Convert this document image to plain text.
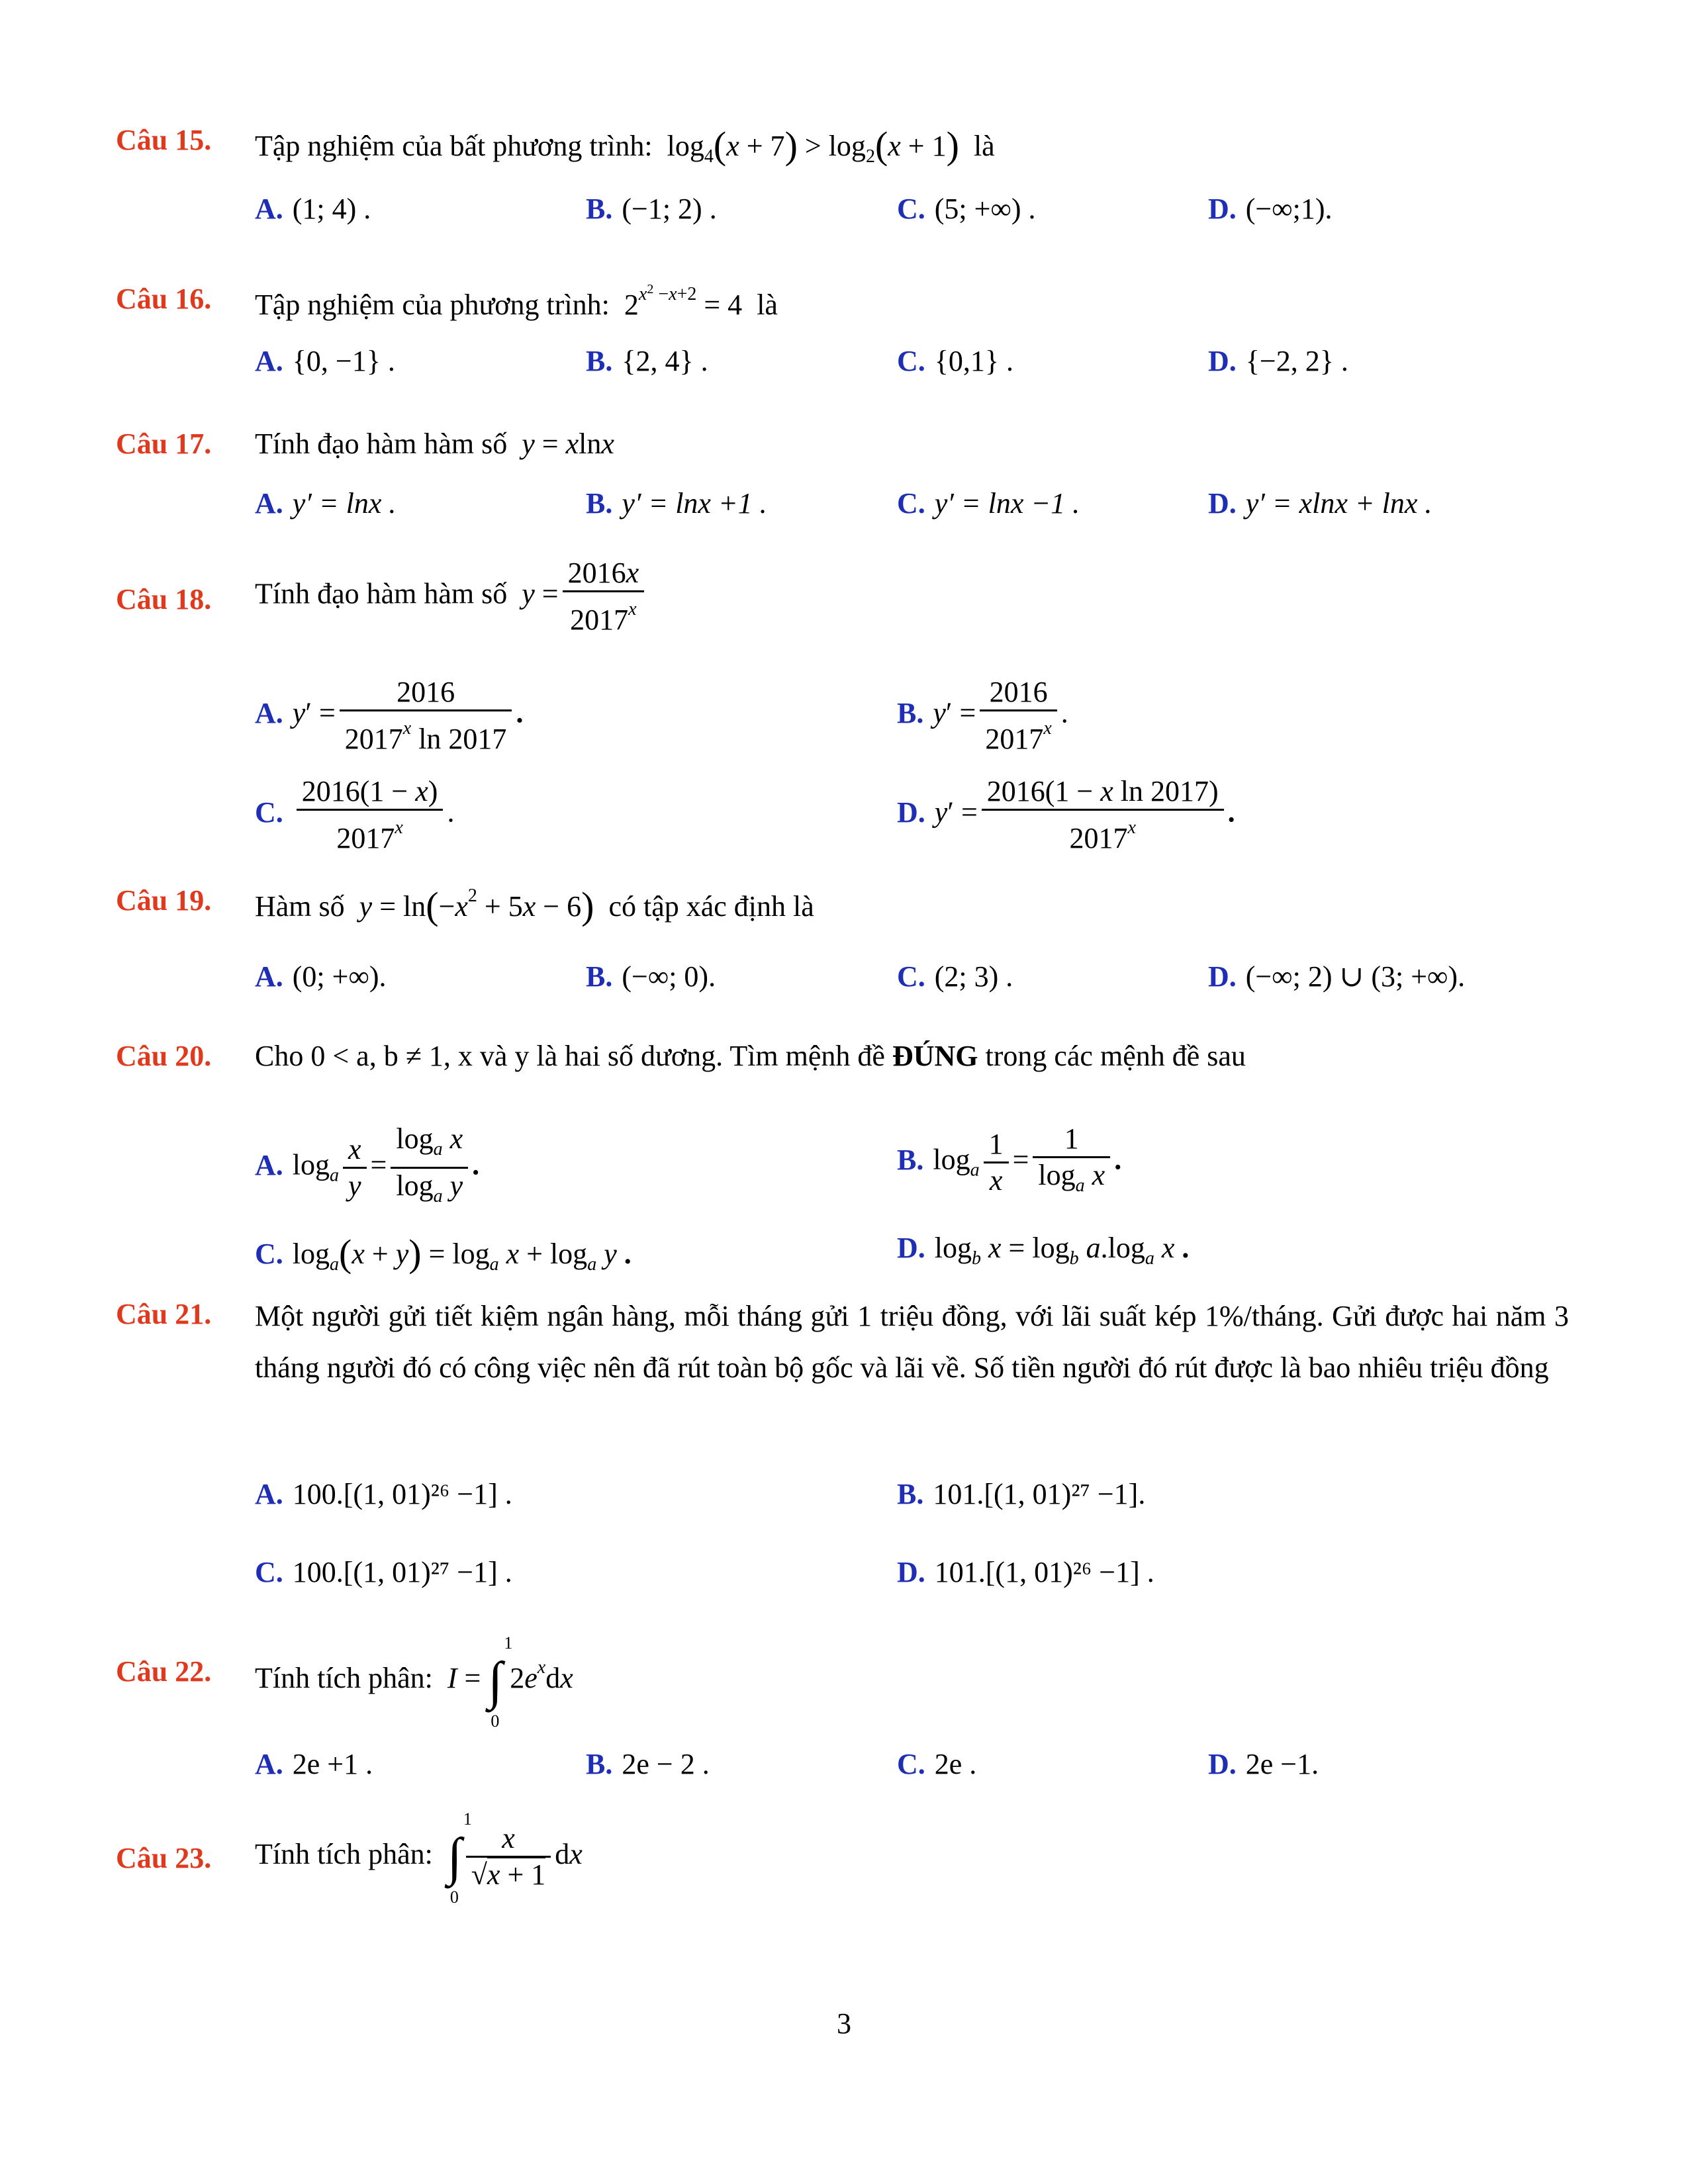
Câu 15. Tập nghiệm của bất phương trình:  $\log_4(x + 7) > \log_2(x + 1)$ là
A. (1; 4) .	B. (−1; 2) .	C. (5; +∞) .	D. (−∞;1).
Câu 16. Tập nghiệm của phương trình:  $2^{x^2 -x+2} = 4$  là
A. {0, −1} .	B. {2, 4} .	C. {0,1} .	D. {−2, 2} .
Câu 17. Tính đạo hàm hàm số y = xlnx
A. y′ = lnx .	B. y′ = lnx +1 .	C. y′ = lnx −1 .	D. y′ = xlnx + lnx .
Câu 18. Tính đạo hàm hàm số $y = \frac{2016x}{2017^x}$
A. $y' = \frac{2016}{2017^x \ln 2017}$ .	B. $y' = \frac{2016}{2017^x}$ .
C. $\frac{2016(1 - x)}{2017^x}$ .	D. $y' = \frac{\text{2016(1 − x ln 2017)}}{2017^x}$ .
Câu 19. Hàm số $y = \ln(-x^2 + 5x - 6)$ có tập xác định là
A. (0; +∞).	B. (−∞; 0).	C. (2; 3) .	D. (−∞; 2) ∪ (3; +∞).
Câu 20. Cho 0 < a, b ≠ 1, x và y là hai số dương. Tìm mệnh đề ĐÚNG trong các mệnh đề sau
A. $\log_a \frac{x}{y} = \frac{\log_a x}{\log_a y}$ .	B. $\log_a \frac{1}{x} = \frac{1}{\log_a x}$ .
C. $\log_a(x + y) = \log_a x + \log_a y$ .	D. $\log_b x = \log_b a.\log_a$ x .
Câu 21. Một người gửi tiết kiệm ngân hàng, mỗi tháng gửi 1 triệu đồng, với lãi suất kép 1%/tháng. Gửi được hai năm 3 tháng người đó có công việc nên đã rút toàn bộ gốc và lãi về. Số tiền người đó rút được là bao nhiêu triệu đồng
A. 100.[(1, 01)²⁶ −1] .	B. 101.[(1, 01)²⁷ −1].
C. 100.[(1, 01)²⁷ −1] .	D. 101.[(1, 01)²⁶ −1] .
Câu 22. Tính tích phân: I = ∫
1
0
$2e^xdx$
A. 2e +1 .	B. 2e − 2 .	C. 2e .	D. 2e −1.
Câu 23. Tính tích phân: ∫
1
0
$\frac{x}{√x + 1}$ dx
3
